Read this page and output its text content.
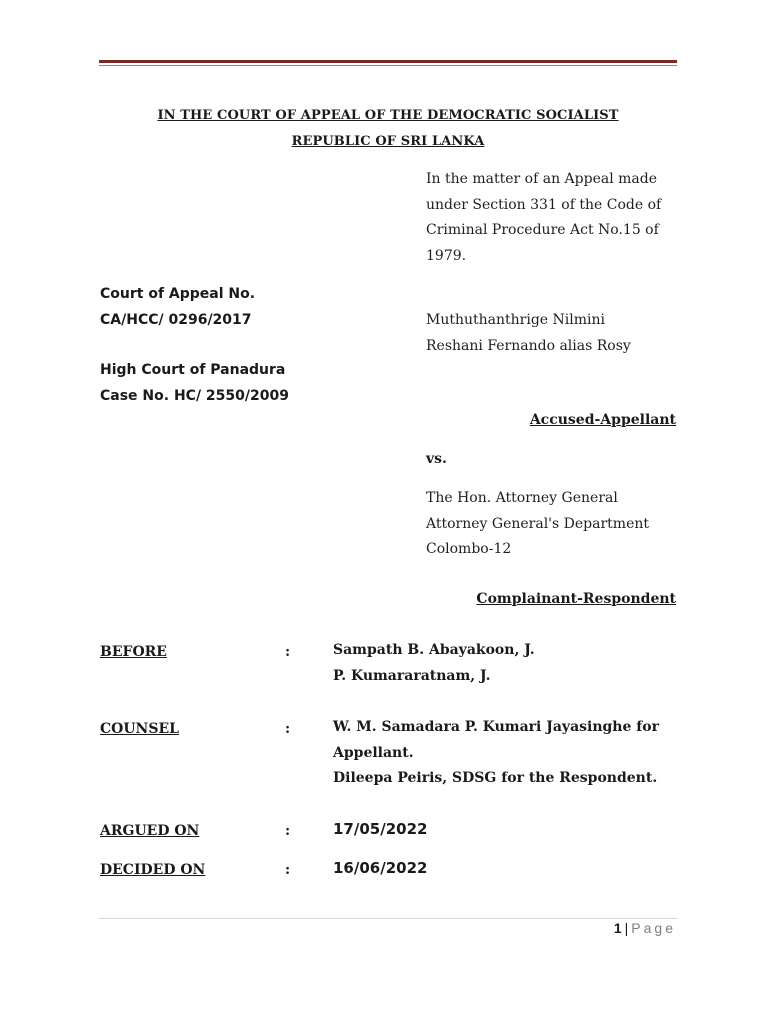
IN THE COURT OF APPEAL OF THE DEMOCRATIC SOCIALIST
REPUBLIC OF SRI LANKA
In the matter of an Appeal made
under Section 331 of the Code of
Criminal Procedure Act No.15 of
1979.
Court of Appeal No.
CA/HCC/ 0296/2017
High Court of Panadura
Case No. HC/ 2550/2009
Muthuthanthrige Nilmini
Reshani Fernando alias Rosy
Accused-Appellant
vs.
The Hon. Attorney General
Attorney General's Department
Colombo-12
Complainant-Respondent
BEFORE	:	Sampath B. Abayakoon, J.
P. Kumararatnam, J.
COUNSEL	:	W. M. Samadara P. Kumari Jayasinghe for
Appellant.
Dileepa Peiris, SDSG for the Respondent.
ARGUED ON	:	17/05/2022
DECIDED ON	:	16/06/2022
1 | Page
